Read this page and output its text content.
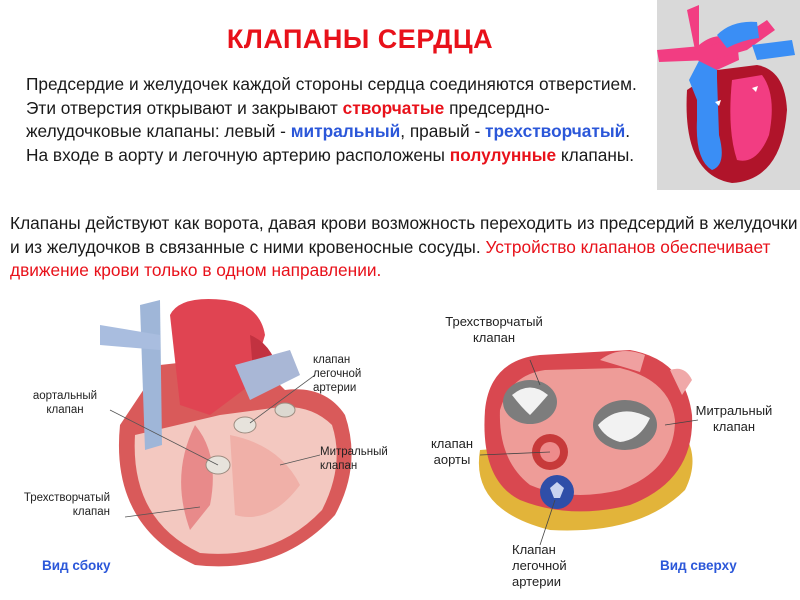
КЛАПАНЫ СЕРДЦА
Предсердие и желудочек каждой стороны сердца соединяются отверстием. Эти отверстия открывают и закрывают створчатые предсердно-желудочковые клапаны: левый - митральный, правый - трехстворчатый. На входе в аорту и легочную артерию расположены полулунные клапаны.
Клапаны действуют как ворота, давая крови возможность переходить из предсердий в желудочки и из желудочков в связанные с ними кровеносные сосуды. Устройство клапанов обеспечивает движение крови только в одном направлении.
аортальный клапан
клапан легочной артерии
Митральный клапан
Трехстворчатый клапан
Вид сбоку
Трехстворчатый клапан
Митральный клапан
клапан аорты
Клапан легочной артерии
Вид сверху
